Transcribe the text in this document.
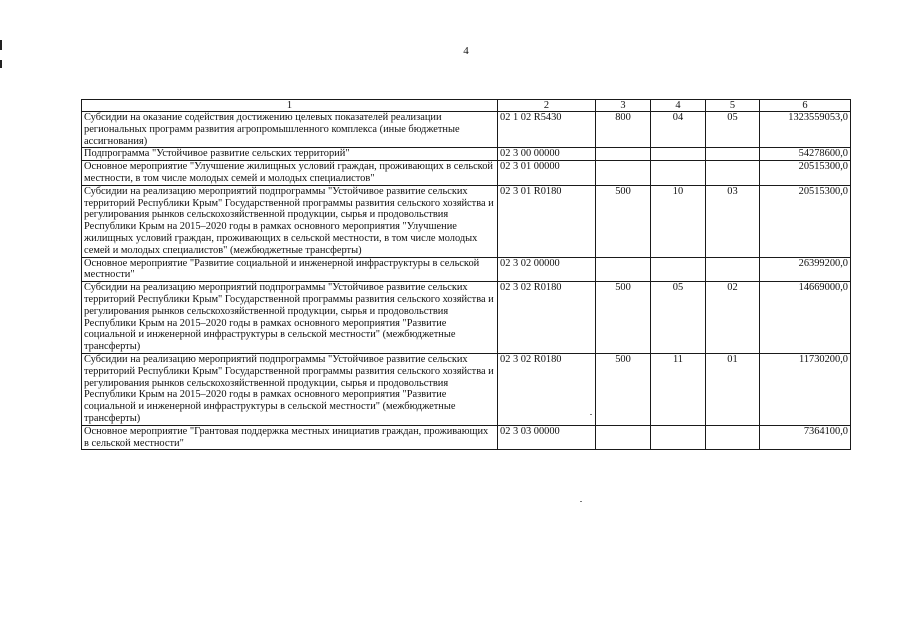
4
1	2	3	4	5	6
Субсидии на оказание содействия достижению целевых показателей реализации региональных программ развития агропромышленного комплекса (иные бюджетные ассигнования)	02 1 02 R5430	800	04	05	1323559053,0
Подпрограмма "Устойчивое развитие сельских территорий"	02 3 00 00000				54278600,0
Основное мероприятие "Улучшение жилищных условий граждан, проживающих в сельской местности, в том числе молодых семей и молодых специалистов"	02 3 01 00000				20515300,0
Субсидии на реализацию мероприятий подпрограммы "Устойчивое развитие сельских территорий Республики Крым" Государственной программы развития сельского хозяйства и регулирования рынков сельскохозяйственной продукции, сырья и продовольствия Республики Крым на 2015–2020 годы в рамках основного мероприятия "Улучшение жилищных условий граждан, проживающих в сельской местности, в том числе молодых семей и молодых специалистов" (межбюджетные трансферты)	02 3 01 R0180	500	10	03	20515300,0
Основное мероприятие "Развитие социальной и инженерной инфраструктуры в сельской местности"	02 3 02 00000				26399200,0
Субсидии на реализацию мероприятий подпрограммы "Устойчивое развитие сельских территорий Республики Крым" Государственной программы развития сельского хозяйства и регулирования рынков сельскохозяйственной продукции, сырья и продовольствия Республики Крым на 2015–2020 годы в рамках основного мероприятия "Развитие социальной и инженерной инфраструктуры в сельской местности" (межбюджетные трансферты)	02 3 02 R0180	500	05	02	14669000,0
Субсидии на реализацию мероприятий подпрограммы "Устойчивое развитие сельских территорий Республики Крым" Государственной программы развития сельского хозяйства и регулирования рынков сельскохозяйственной продукции, сырья и продовольствия Республики Крым на 2015–2020 годы в рамках основного мероприятия "Развитие социальной и инженерной инфраструктуры в сельской местности" (межбюджетные трансферты)	02 3 02 R0180	500	11	01	11730200,0
Основное мероприятие "Грантовая поддержка местных инициатив граждан, проживающих в сельской местности"	02 3 03 00000				7364100,0
